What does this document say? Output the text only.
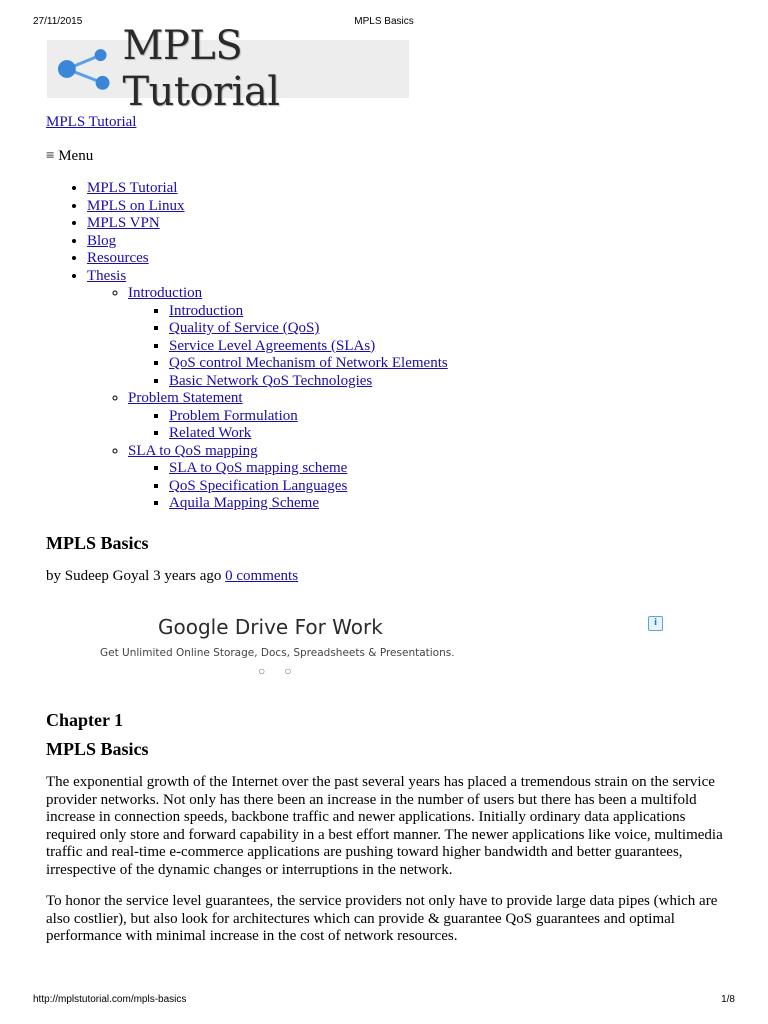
27/11/2015	MPLS Basics
MPLS Tutorial
MPLS Tutorial
≡ Menu
• MPLS Tutorial
• MPLS on Linux
• MPLS VPN
• Blog
• Resources
• Thesis
◦ Introduction
▪ Introduction
▪ Quality of Service (QoS)
▪ Service Level Agreements (SLAs)
▪ QoS control Mechanism of Network Elements
▪ Basic Network QoS Technologies
◦ Problem Statement
▪ Problem Formulation
▪ Related Work
◦ SLA to QoS mapping
▪ SLA to QoS mapping scheme
▪ QoS Specification Languages
▪ Aquila Mapping Scheme
MPLS Basics
by Sudeep Goyal 3 years ago 0 comments
Google Drive For Work
Get Unlimited Online Storage, Docs, Spreadsheets & Presentations.
○ ○
i
Chapter 1
MPLS Basics

The exponential growth of the Internet over the past several years has placed a tremendous strain on the service provider networks. Not only has there been an increase in the number of users but there has been a multifold increase in connection speeds, backbone traffic and newer applications. Initially ordinary data applications required only store and forward capability in a best effort manner. The newer applications like voice, multimedia traffic and real-time e-commerce applications are pushing toward higher bandwidth and better guarantees, irrespective of the dynamic changes or interruptions in the network.

To honor the service level guarantees, the service providers not only have to provide large data pipes (which are also costlier), but also look for architectures which can provide & guarantee QoS guarantees and optimal performance with minimal increase in the cost of network resources.

http://mplstutorial.com/mpls-basics	1/8
